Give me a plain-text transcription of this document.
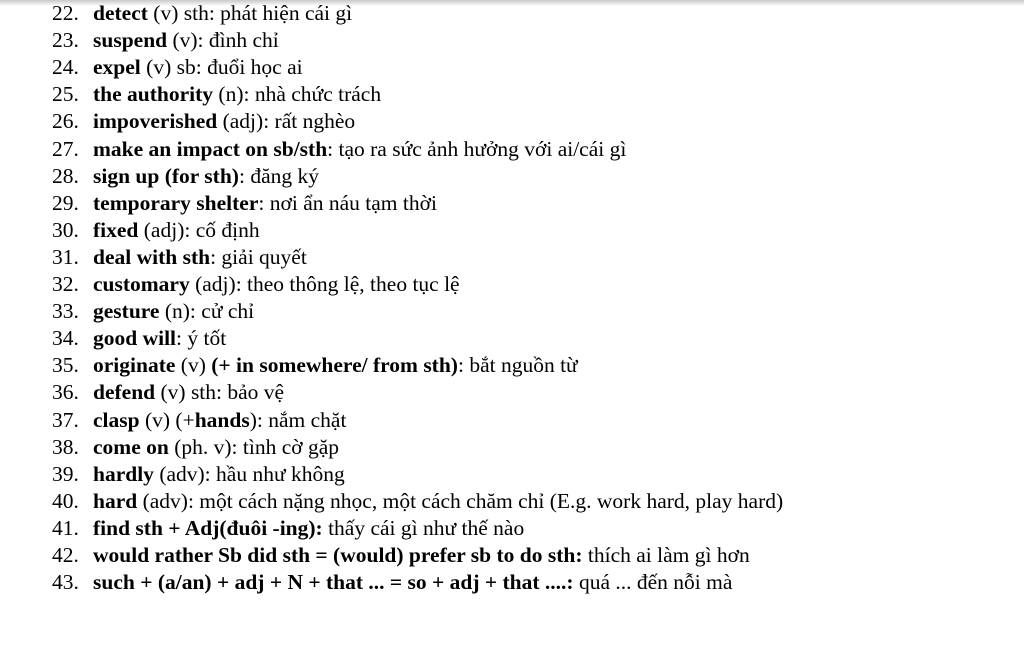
22. detect (v) sth: phát hiện cái gì
23. suspend (v): đình chỉ
24. expel (v) sb: đuổi học ai
25. the authority (n): nhà chức trách
26. impoverished (adj): rất nghèo
27. make an impact on sb/sth: tạo ra sức ảnh hưởng với ai/cái gì
28. sign up (for sth): đăng ký
29. temporary shelter: nơi ẩn náu tạm thời
30. fixed (adj): cố định
31. deal with sth: giải quyết
32. customary (adj): theo thông lệ, theo tục lệ
33. gesture (n): cử chỉ
34. good will: ý tốt
35. originate (v) (+ in somewhere/ from sth): bắt nguồn từ
36. defend (v) sth: bảo vệ
37. clasp (v) (+hands): nắm chặt
38. come on (ph. v): tình cờ gặp
39. hardly (adv): hầu như không
40. hard (adv): một cách nặng nhọc, một cách chăm chỉ (E.g. work hard, play hard)
41. find sth + Adj(đuôi -ing): thấy cái gì như thế nào
42. would rather Sb did sth = (would) prefer sb to do sth: thích ai làm gì hơn
43. such + (a/an) + adj + N + that ... = so + adj + that ....: quá ... đến nỗi mà
